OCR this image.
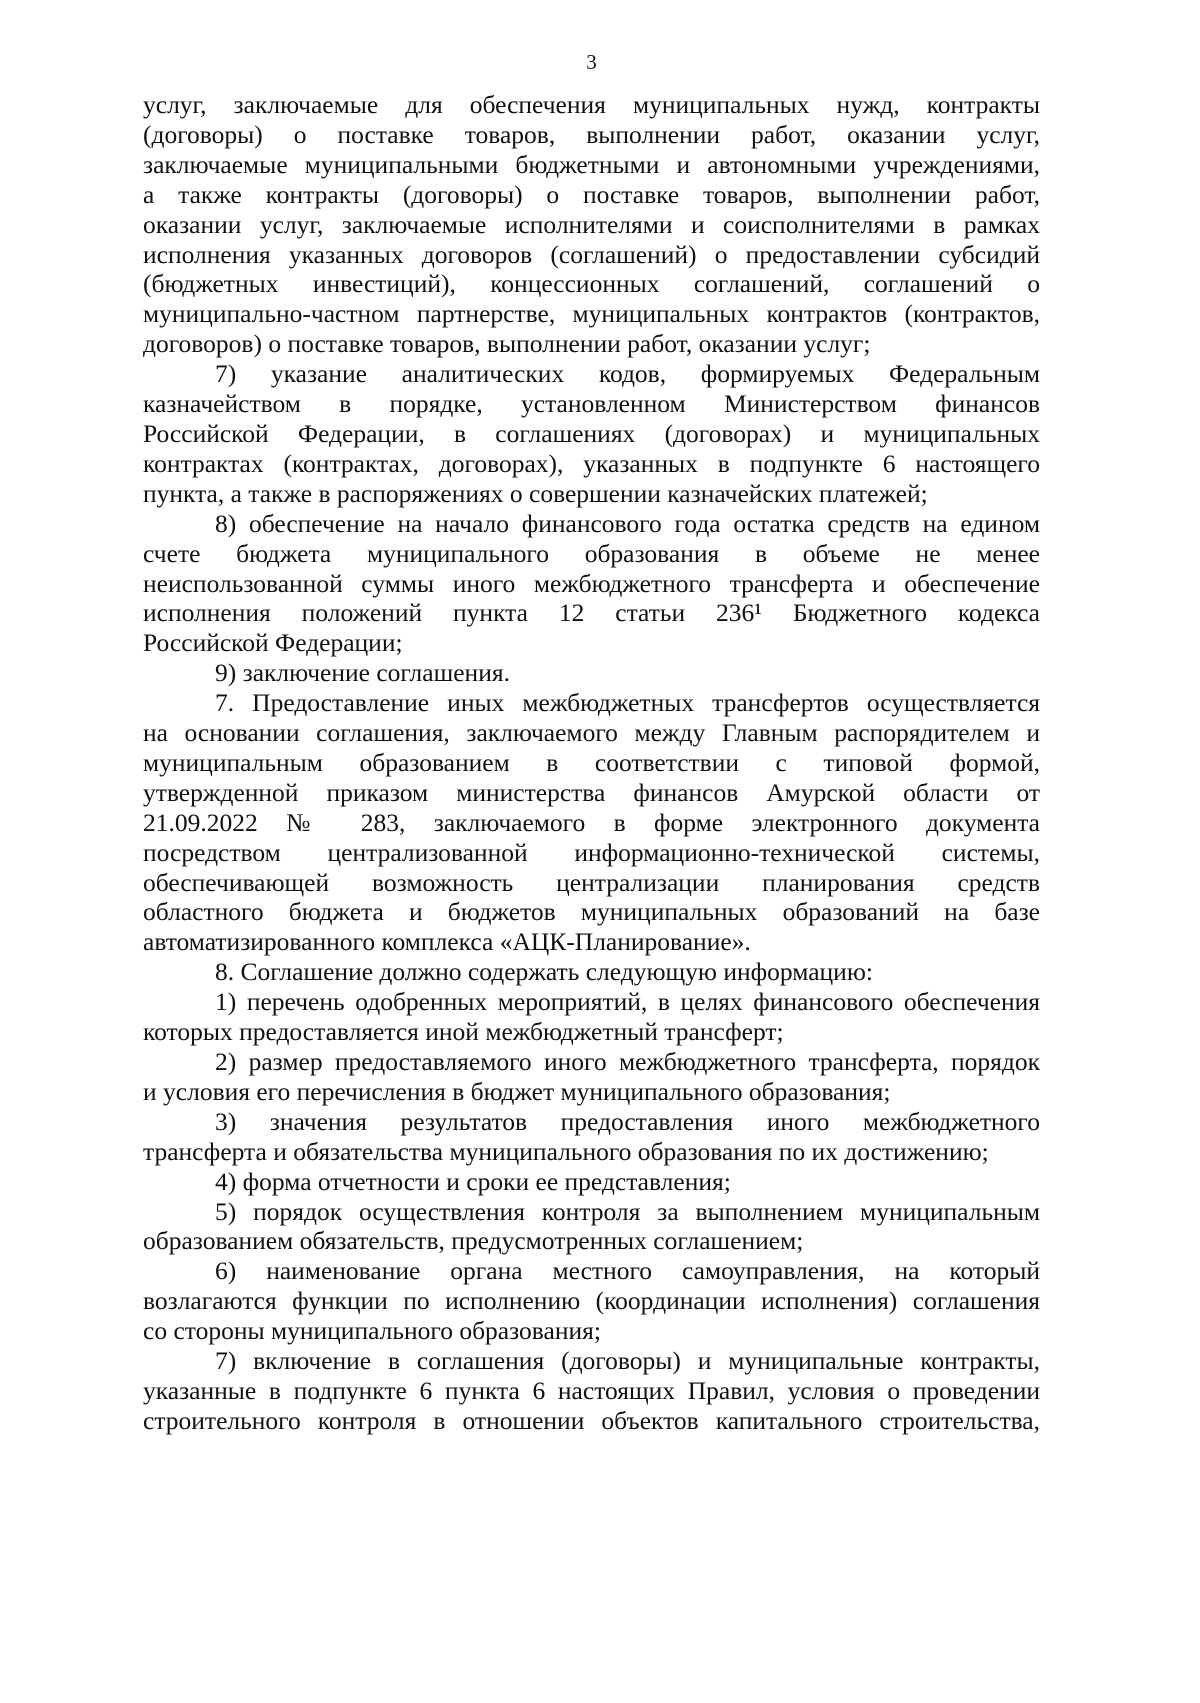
3
услуг, заключаемые для обеспечения муниципальных нужд, контракты
(договоры) о поставке товаров, выполнении работ, оказании услуг,
заключаемые муниципальными бюджетными и автономными учреждениями,
а также контракты (договоры) о поставке товаров, выполнении работ,
оказании услуг, заключаемые исполнителями и соисполнителями в рамках
исполнения указанных договоров (соглашений) о предоставлении субсидий
(бюджетных инвестиций), концессионных соглашений, соглашений о
муниципально-частном партнерстве, муниципальных контрактов (контрактов,
договоров) о поставке товаров, выполнении работ, оказании услуг;
7) указание аналитических кодов, формируемых Федеральным
казначейством в порядке, установленном Министерством финансов
Российской Федерации, в соглашениях (договорах) и муниципальных
контрактах (контрактах, договорах), указанных в подпункте 6 настоящего
пункта, а также в распоряжениях о совершении казначейских платежей;
8) обеспечение на начало финансового года остатка средств на едином
счете бюджета муниципального образования в объеме не менее
неиспользованной суммы иного межбюджетного трансферта и обеспечение
исполнения положений пункта 12 статьи 236¹ Бюджетного кодекса
Российской Федерации;
9) заключение соглашения.
7. Предоставление иных межбюджетных трансфертов осуществляется
на основании соглашения, заключаемого между Главным распорядителем и
муниципальным образованием в соответствии с типовой формой,
утвержденной приказом министерства финансов Амурской области от
21.09.2022 № 283, заключаемого в форме электронного документа
посредством централизованной информационно-технической системы,
обеспечивающей возможность централизации планирования средств
областного бюджета и бюджетов муниципальных образований на базе
автоматизированного комплекса «АЦК-Планирование».
8. Соглашение должно содержать следующую информацию:
1) перечень одобренных мероприятий, в целях финансового обеспечения
которых предоставляется иной межбюджетный трансферт;
2) размер предоставляемого иного межбюджетного трансферта, порядок
и условия его перечисления в бюджет муниципального образования;
3) значения результатов предоставления иного межбюджетного
трансферта и обязательства муниципального образования по их достижению;
4) форма отчетности и сроки ее представления;
5) порядок осуществления контроля за выполнением муниципальным
образованием обязательств, предусмотренных соглашением;
6) наименование органа местного самоуправления, на который
возлагаются функции по исполнению (координации исполнения) соглашения
со стороны муниципального образования;
7) включение в соглашения (договоры) и муниципальные контракты,
указанные в подпункте 6 пункта 6 настоящих Правил, условия о проведении
строительного контроля в отношении объектов капитального строительства,
